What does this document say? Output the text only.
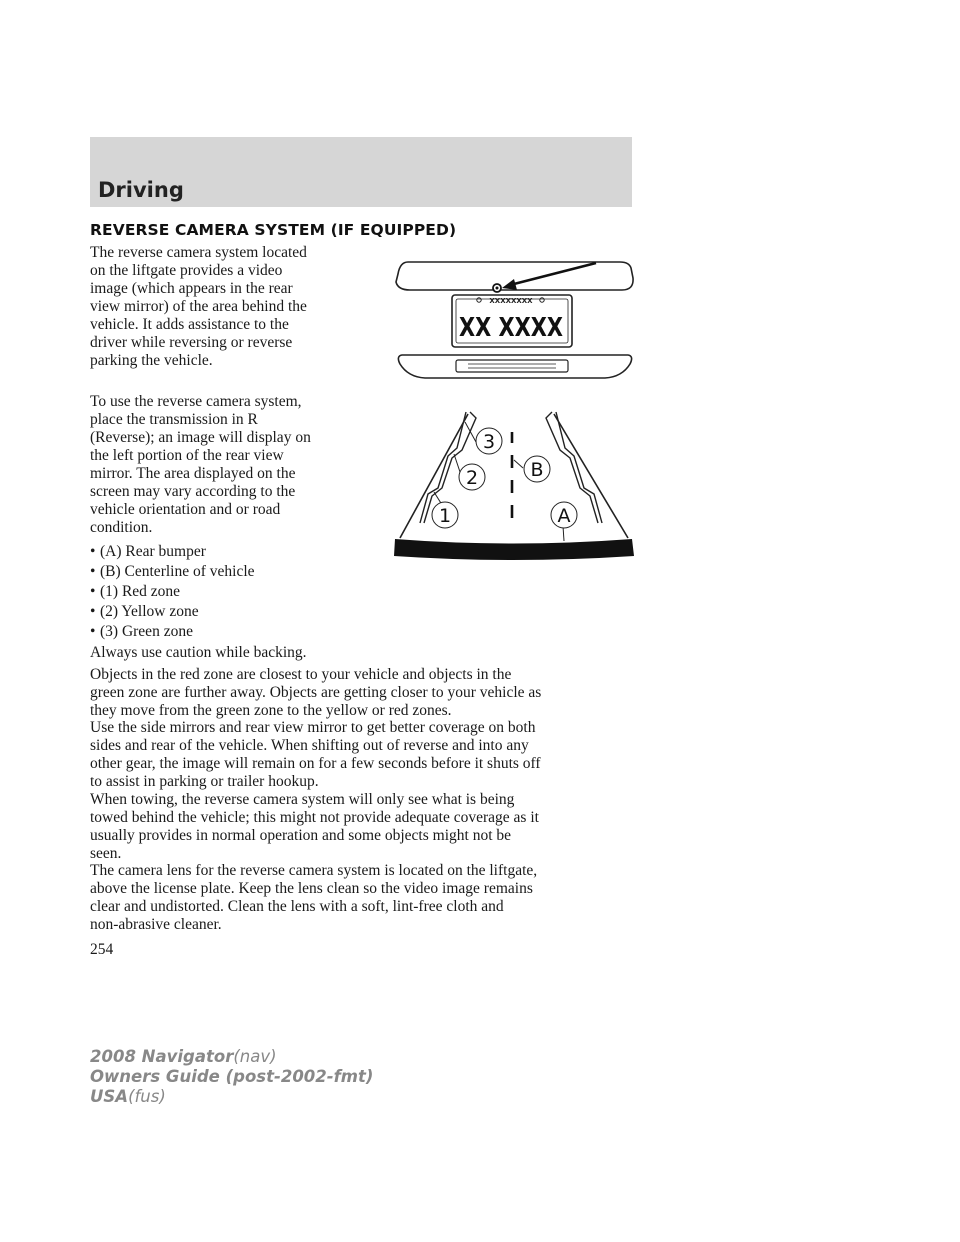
Driving
REVERSE CAMERA SYSTEM (IF EQUIPPED)

The reverse camera system located
on the liftgate provides a video
image (which appears in the rear
view mirror) of the area behind the
vehicle. It adds assistance to the
driver while reversing or reverse
parking the vehicle.

To use the reverse camera system,
place the transmission in R
(Reverse); an image will display on
the left portion of the rear view
mirror. The area displayed on the
screen may vary according to the
vehicle orientation and or road
condition.

• (A) Rear bumper
• (B) Centerline of vehicle
• (1) Red zone
• (2) Yellow zone
• (3) Green zone

Always use caution while backing.

Objects in the red zone are closest to your vehicle and objects in the
green zone are further away. Objects are getting closer to your vehicle as
they move from the green zone to the yellow or red zones.

Use the side mirrors and rear view mirror to get better coverage on both
sides and rear of the vehicle. When shifting out of reverse and into any
other gear, the image will remain on for a few seconds before it shuts off
to assist in parking or trailer hookup.

When towing, the reverse camera system will only see what is being
towed behind the vehicle; this might not provide adequate coverage as it
usually provides in normal operation and some objects might not be
seen.

The camera lens for the reverse camera system is located on the liftgate,
above the license plate. Keep the lens clean so the video image remains
clear and undistorted. Clean the lens with a soft, lint-free cloth and
non-abrasive cleaner.

XXXXXXXX
XX XXXX
3
2
1
B
A
254
2008 Navigator(nav)
Owners Guide (post-2002-fmt)
USA(fus)
